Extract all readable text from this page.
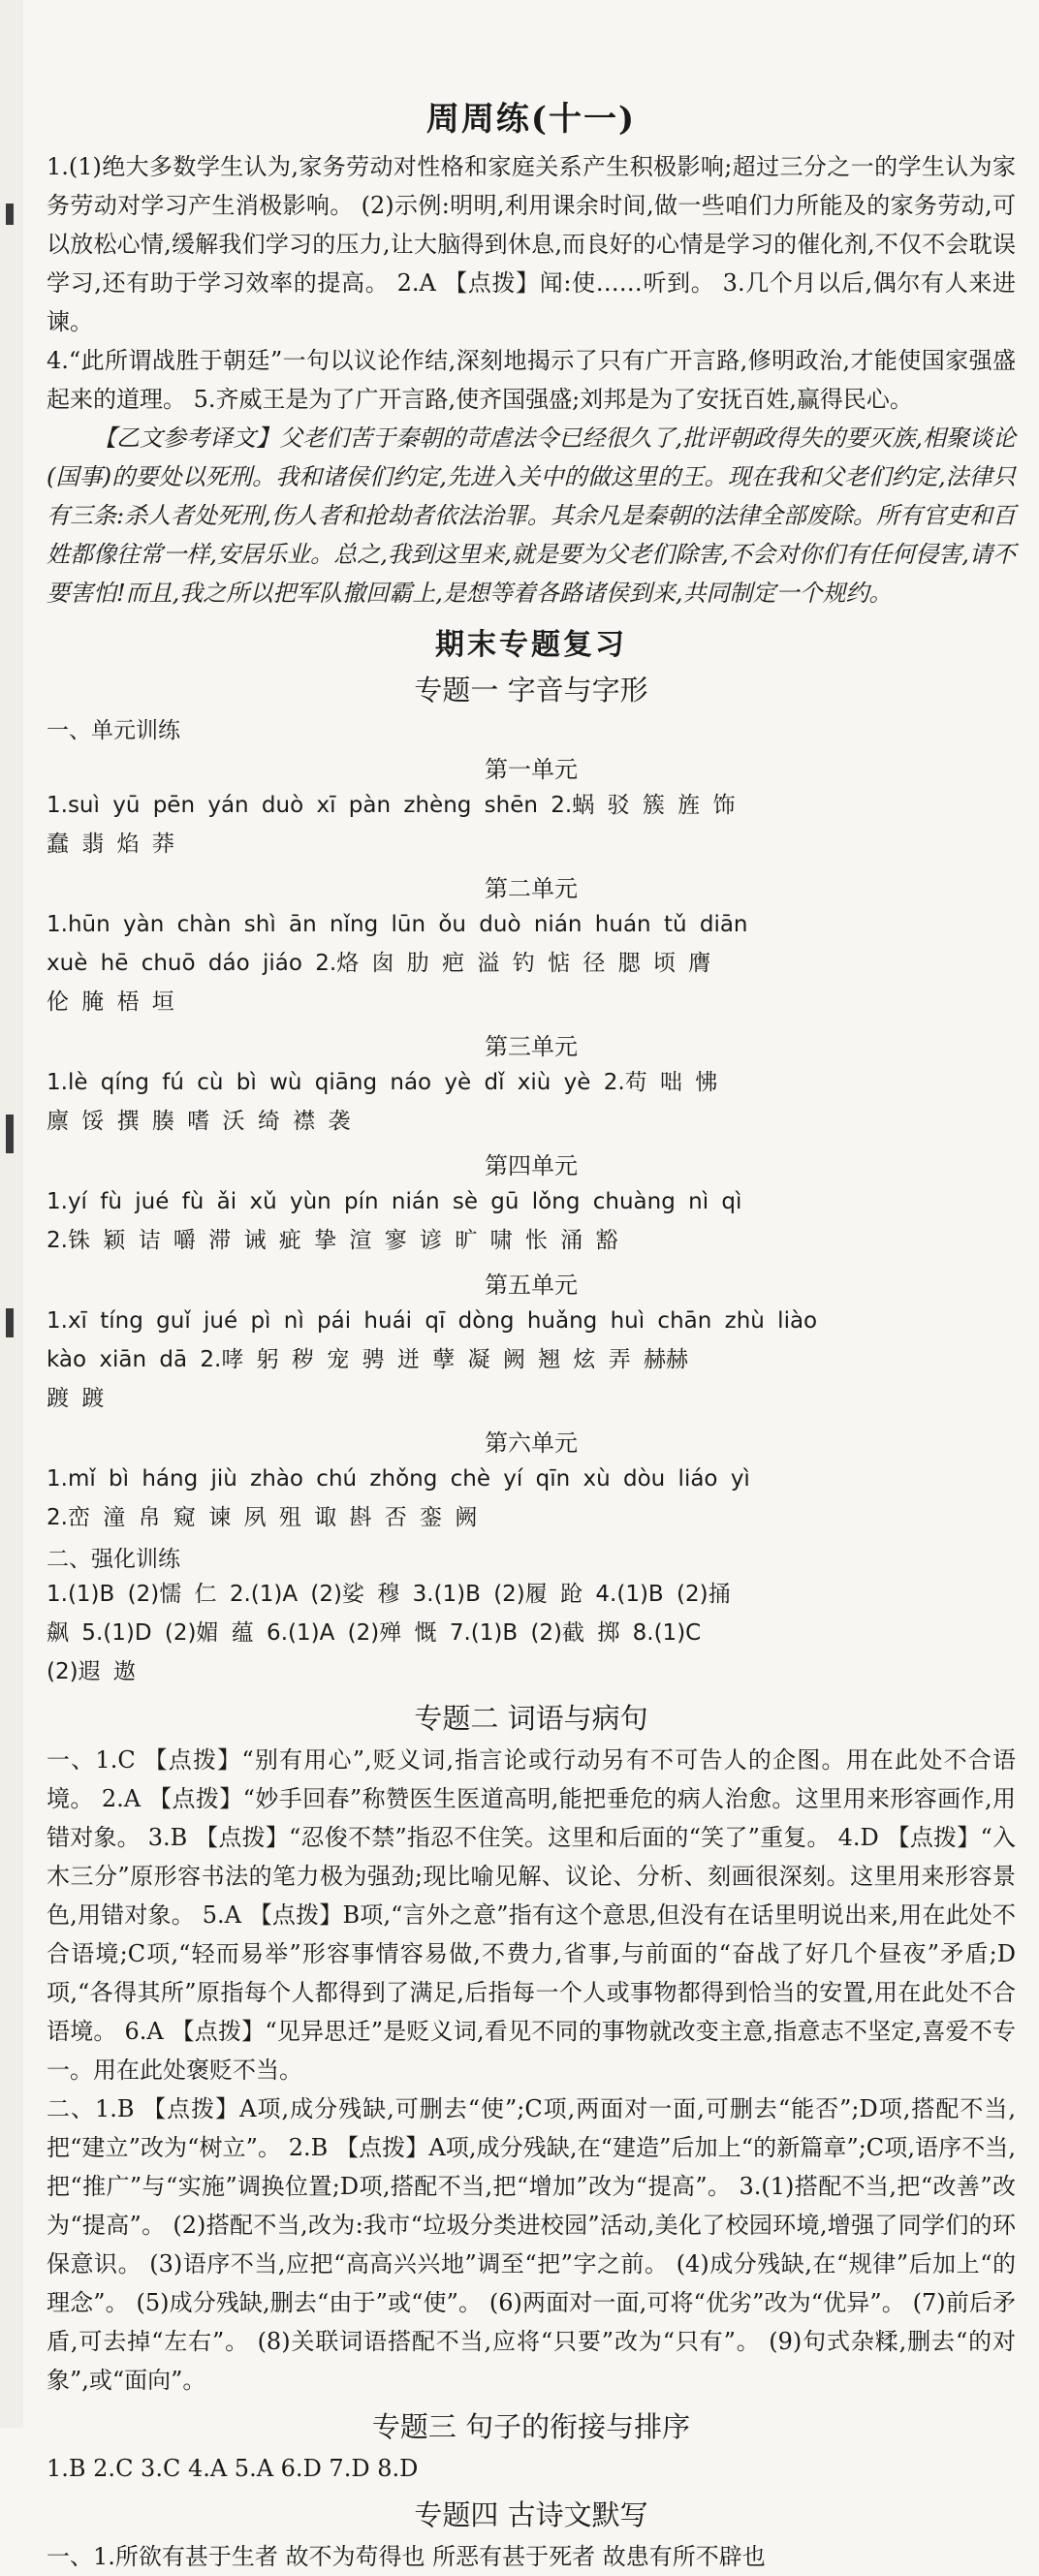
周周练(十一)

1.(1)绝大多数学生认为,家务劳动对性格和家庭关系产生积极影响;超过三分之一的学生认为家务劳动对学习产生消极影响。 (2)示例:明明,利用课余时间,做一些咱们力所能及的家务劳动,可以放松心情,缓解我们学习的压力,让大脑得到休息,而良好的心情是学习的催化剂,不仅不会耽误学习,还有助于学习效率的提高。 2.A 【点拨】闻:使……听到。 3.几个月以后,偶尔有人来进谏。

4.“此所谓战胜于朝廷”一句以议论作结,深刻地揭示了只有广开言路,修明政治,才能使国家强盛起来的道理。 5.齐威王是为了广开言路,使齐国强盛;刘邦是为了安抚百姓,赢得民心。

【乙文参考译文】父老们苦于秦朝的苛虐法令已经很久了,批评朝政得失的要灭族,相聚谈论(国事)的要处以死刑。我和诸侯们约定,先进入关中的做这里的王。现在我和父老们约定,法律只有三条:杀人者处死刑,伤人者和抢劫者依法治罪。其余凡是秦朝的法律全部废除。所有官吏和百姓都像往常一样,安居乐业。总之,我到这里来,就是要为父老们除害,不会对你们有任何侵害,请不要害怕!而且,我之所以把军队撤回霸上,是想等着各路诸侯到来,共同制定一个规约。

期末专题复习
专题一 字音与字形
一、单元训练
第一单元

1.suì yū pēn yán duò xī pàn zhèng shēn 2.蜗 驳 簇 旌 饰

蠢 翡 焰 莽

第二单元

1.hūn yàn chàn shì ān nǐng lūn ǒu duò nián huán tǔ diān

xuè hē chuō dáo jiáo 2.烙 囱 肋 疤 溢 钓 惦 径 腮 顷 膺

伦 腌 梧 垣

第三单元

1.lè qíng fú cù bì wù qiāng náo yè dǐ xiù yè 2.苟 咄 怫

廪 馁 撰 腠 嗜 沃 绮 襟 袭

第四单元

1.yí fù jué fù ǎi xǔ yùn pín nián sè gū lǒng chuàng nì qì

2.铢 颖 诘 嚼 滞 诫 疵 挚 渲 寥 谚 旷 啸 怅 涌 豁

第五单元

1.xī tíng guǐ jué pì nì pái huái qī dòng huǎng huì chān zhù liào

kào xiān dā 2.哮 躬 秽 宠 骋 迸 孽 凝 阙 翘 炫 弄 赫赫

踱 踱

第六单元

1.mǐ bì háng jiù zhào chú zhǒng chè yí qīn xù dòu liáo yì

2.峦 潼 帛 窥 谏 夙 殂 诹 斟 否 銮 阙

二、强化训练

1.(1)B (2)懦 仁 2.(1)A (2)娑 穆 3.(1)B (2)履 跄 4.(1)B (2)捅

飙 5.(1)D (2)媚 蕴 6.(1)A (2)殚 慨 7.(1)B (2)截 掷 8.(1)C

(2)遐 遨

专题二 词语与病句

一、1.C 【点拨】“别有用心”,贬义词,指言论或行动另有不可告人的企图。用在此处不合语境。 2.A 【点拨】“妙手回春”称赞医生医道高明,能把垂危的病人治愈。这里用来形容画作,用错对象。 3.B 【点拨】“忍俊不禁”指忍不住笑。这里和后面的“笑了”重复。 4.D 【点拨】“入木三分”原形容书法的笔力极为强劲;现比喻见解、议论、分析、刻画很深刻。这里用来形容景色,用错对象。 5.A 【点拨】B项,“言外之意”指有这个意思,但没有在话里明说出来,用在此处不合语境;C项,“轻而易举”形容事情容易做,不费力,省事,与前面的“奋战了好几个昼夜”矛盾;D项,“各得其所”原指每个人都得到了满足,后指每一个人或事物都得到恰当的安置,用在此处不合语境。 6.A 【点拨】“见异思迁”是贬义词,看见不同的事物就改变主意,指意志不坚定,喜爱不专一。用在此处褒贬不当。

二、1.B 【点拨】A项,成分残缺,可删去“使”;C项,两面对一面,可删去“能否”;D项,搭配不当,把“建立”改为“树立”。 2.B 【点拨】A项,成分残缺,在“建造”后加上“的新篇章”;C项,语序不当,把“推广”与“实施”调换位置;D项,搭配不当,把“增加”改为“提高”。 3.(1)搭配不当,把“改善”改为“提高”。 (2)搭配不当,改为:我市“垃圾分类进校园”活动,美化了校园环境,增强了同学们的环保意识。 (3)语序不当,应把“高高兴兴地”调至“把”字之前。 (4)成分残缺,在“规律”后加上“的理念”。 (5)成分残缺,删去“由于”或“使”。 (6)两面对一面,可将“优劣”改为“优异”。 (7)前后矛盾,可去掉“左右”。 (8)关联词语搭配不当,应将“只要”改为“只有”。 (9)句式杂糅,删去“的对象”,或“面向”。

专题三 句子的衔接与排序

1.B 2.C 3.C 4.A 5.A 6.D 7.D 8.D

专题四 古诗文默写

一、1.所欲有甚于生者 故不为苟得也 所恶有甚于死者 故患有所不辟也
